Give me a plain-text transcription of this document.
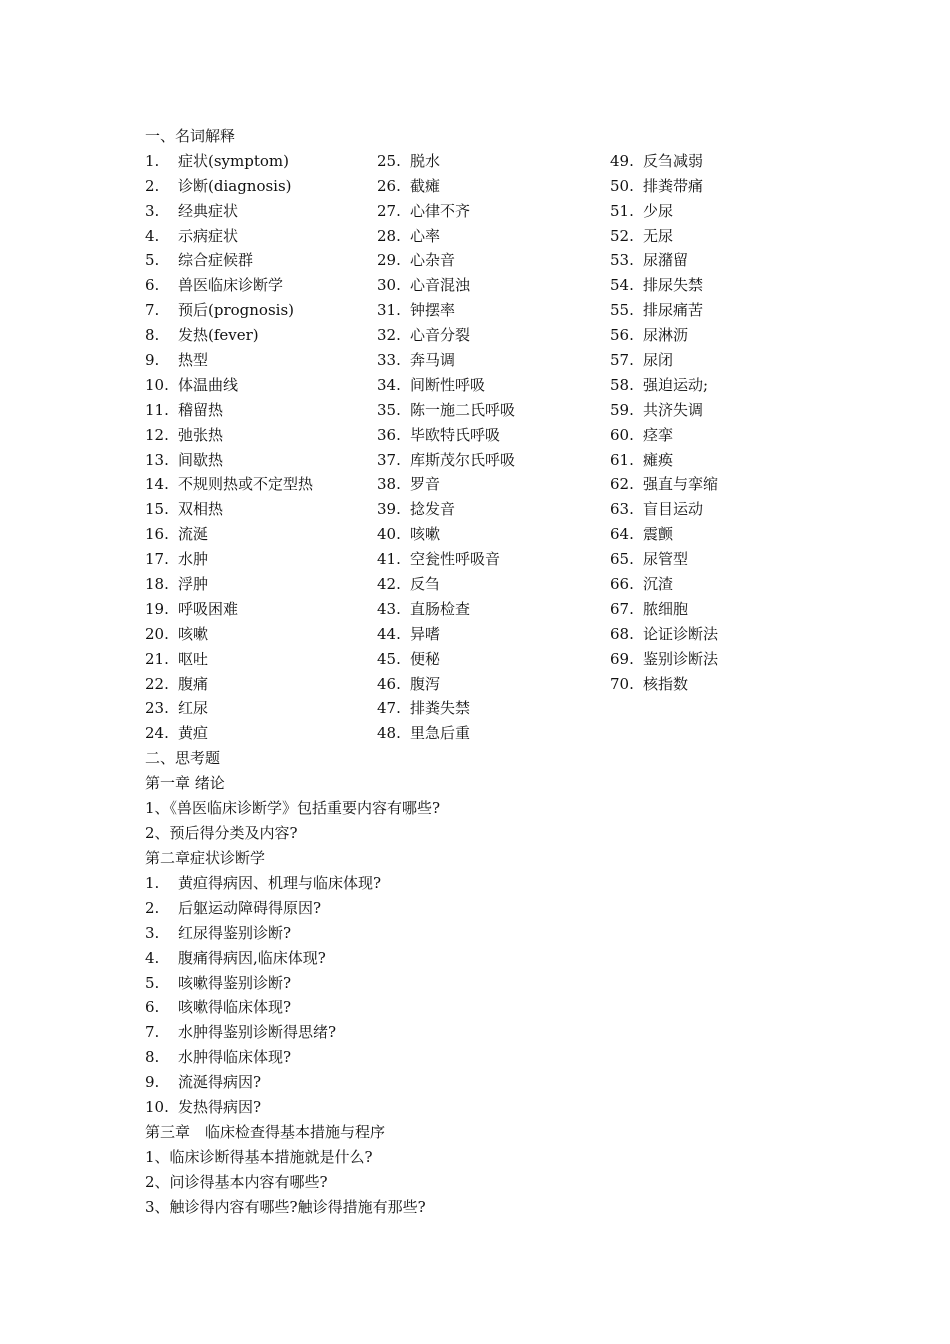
一、名词解释
1. 症状(symptom)
2. 诊断(diagnosis)
3. 经典症状
4. 示病症状
5. 综合症候群
6. 兽医临床诊断学
7. 预后(prognosis)
8. 发热(fever)
9. 热型
10. 体温曲线
11. 稽留热
12. 弛张热
13. 间歇热
14. 不规则热或不定型热
15. 双相热
16. 流涎
17. 水肿
18. 浮肿
19. 呼吸困难
20. 咳嗽
21. 呕吐
22. 腹痛
23. 红尿
24. 黄疸
25. 脱水
26. 截瘫
27. 心律不齐
28. 心率
29. 心杂音
30. 心音混浊
31. 钟摆率
32. 心音分裂
33. 奔马调
34. 间断性呼吸
35. 陈一施二氏呼吸
36. 毕欧特氏呼吸
37. 库斯茂尔氏呼吸
38. 罗音
39. 捻发音
40. 咳嗽
41. 空瓮性呼吸音
42. 反刍
43. 直肠检查
44. 异嗜
45. 便秘
46. 腹泻
47. 排粪失禁
48. 里急后重
49. 反刍减弱
50. 排粪带痛
51. 少尿
52. 无尿
53. 尿潴留
54. 排尿失禁
55. 排尿痛苦
56. 尿淋沥
57. 尿闭
58. 强迫运动;
59. 共济失调
60. 痉挛
61. 瘫痪
62. 强直与挛缩
63. 盲目运动
64. 震颤
65. 尿管型
66. 沉渣
67. 脓细胞
68. 论证诊断法
69. 鉴别诊断法
70. 核指数
二、思考题
第一章 绪论
1、《兽医临床诊断学》包括重要内容有哪些?
2、预后得分类及内容?
第二章症状诊断学
1. 黄疸得病因、机理与临床体现?
2. 后躯运动障碍得原因?
3. 红尿得鉴别诊断?
4. 腹痛得病因,临床体现?
5. 咳嗽得鉴别诊断?
6. 咳嗽得临床体现?
7. 水肿得鉴别诊断得思绪?
8. 水肿得临床体现?
9. 流涎得病因?
10. 发热得病因?
第三章　临床检查得基本措施与程序
1、临床诊断得基本措施就是什么?
2、问诊得基本内容有哪些?
3、触诊得内容有哪些?触诊得措施有那些?
